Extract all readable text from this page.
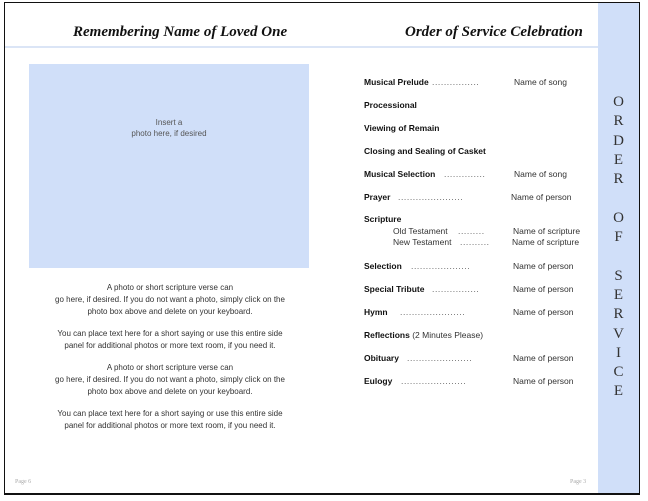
O
R
D
E
R
O
F
S
E
R
V
I
C
E
Remembering Name of Loved One	Order of Service Celebration
Insert a
photo here, if desired
A photo or short scripture verse can
go here, if desired. If you do not want a photo, simply click on the
photo box above and delete on your keyboard.
You can place text here for a short saying or use this entire side
panel for additional photos or more text room, if you need it.
A photo or short scripture verse can
go here, if desired. If you do not want a photo, simply click on the
photo box above and delete on your keyboard.
You can place text here for a short saying or use this entire side
panel for additional photos or more text room, if you need it.
Page 6	Page 3
Musical Prelude ................	Name of song
Processional
Viewing of Remain
Closing and Sealing of Casket
Musical Selection ..............	Name of song
Prayer ......................	Name of person
Scripture
Old Testament .........	Name of scripture
New Testament ..........	Name of scripture
Selection ....................	Name of person
Special Tribute ................	Name of person
Hymn ......................	Name of person
Reflections (2 Minutes Please)
Obituary ......................	Name of person
Eulogy ......................	Name of person
